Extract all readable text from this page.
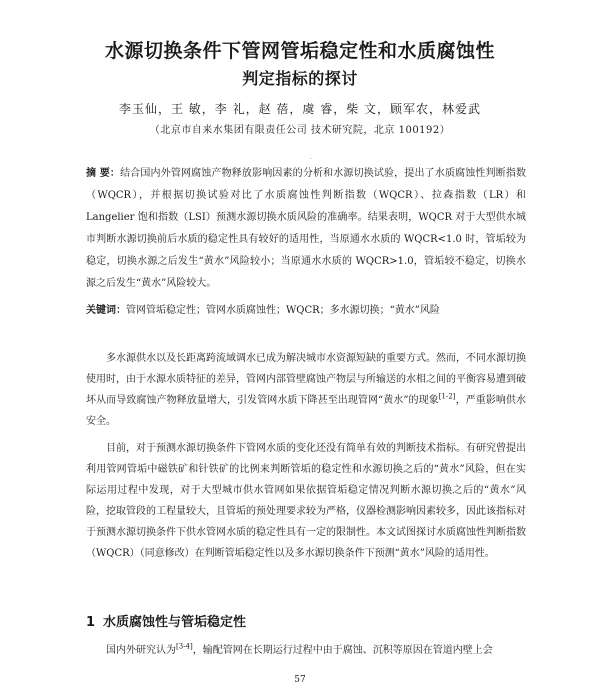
水源切换条件下管网管垢稳定性和水质腐蚀性
判定指标的探讨
李玉仙，王 敏，李 礼，赵 蓓，虞 睿，柴 文，顾军农，林爱武
（北京市自来水集团有限责任公司 技术研究院，北京 100192）
·
摘 要：结合国内外管网腐蚀产物释放影响因素的分析和水源切换试验，提出了水质腐蚀性判断指数（WQCR），并根据切换试验对比了水质腐蚀性判断指数（WQCR）、拉森指数（LR）和 Langelier 饱和指数（LSI）预测水源切换水质风险的准确率。结果表明，WQCR 对于大型供水城市判断水源切换前后水质的稳定性具有较好的适用性，当原通水水质的 WQCR<1.0 时，管垢较为稳定，切换水源之后发生“黄水”风险较小；当原通水水质的 WQCR>1.0，管垢较不稳定，切换水源之后发生“黄水”风险较大。
关键词：管网管垢稳定性；管网水质腐蚀性；WQCR；多水源切换；“黄水”风险

多水源供水以及长距离跨流域调水已成为解决城市水资源短缺的重要方式。然而，不同水源切换使用时，由于水源水质特征的差异，管网内部管壁腐蚀产物层与所输送的水相之间的平衡容易遭到破坏从而导致腐蚀产物释放量增大，引发管网水质下降甚至出现管网“黄水”的现象[1-2]，严重影响供水安全。

目前，对于预测水源切换条件下管网水质的变化还没有简单有效的判断技术指标。有研究曾提出利用管网管垢中磁铁矿和针铁矿的比例来判断管垢的稳定性和水源切换之后的“黄水”风险，但在实际运用过程中发现，对于大型城市供水管网如果依据管垢稳定情况判断水源切换之后的“黄水”风险，挖取管段的工程量较大，且管垢的预处理要求较为严格，仪器检测影响因素较多，因此该指标对于预测水源切换条件下供水管网水质的稳定性具有一定的限制性。本文试图探讨水质腐蚀性判断指数（WQCR）（同意修改）在判断管垢稳定性以及多水源切换条件下预测“黄水”风险的适用性。

1 水质腐蚀性与管垢稳定性
国内外研究认为[3-4]，输配管网在长期运行过程中由于腐蚀、沉积等原因在管道内壁上会
57
